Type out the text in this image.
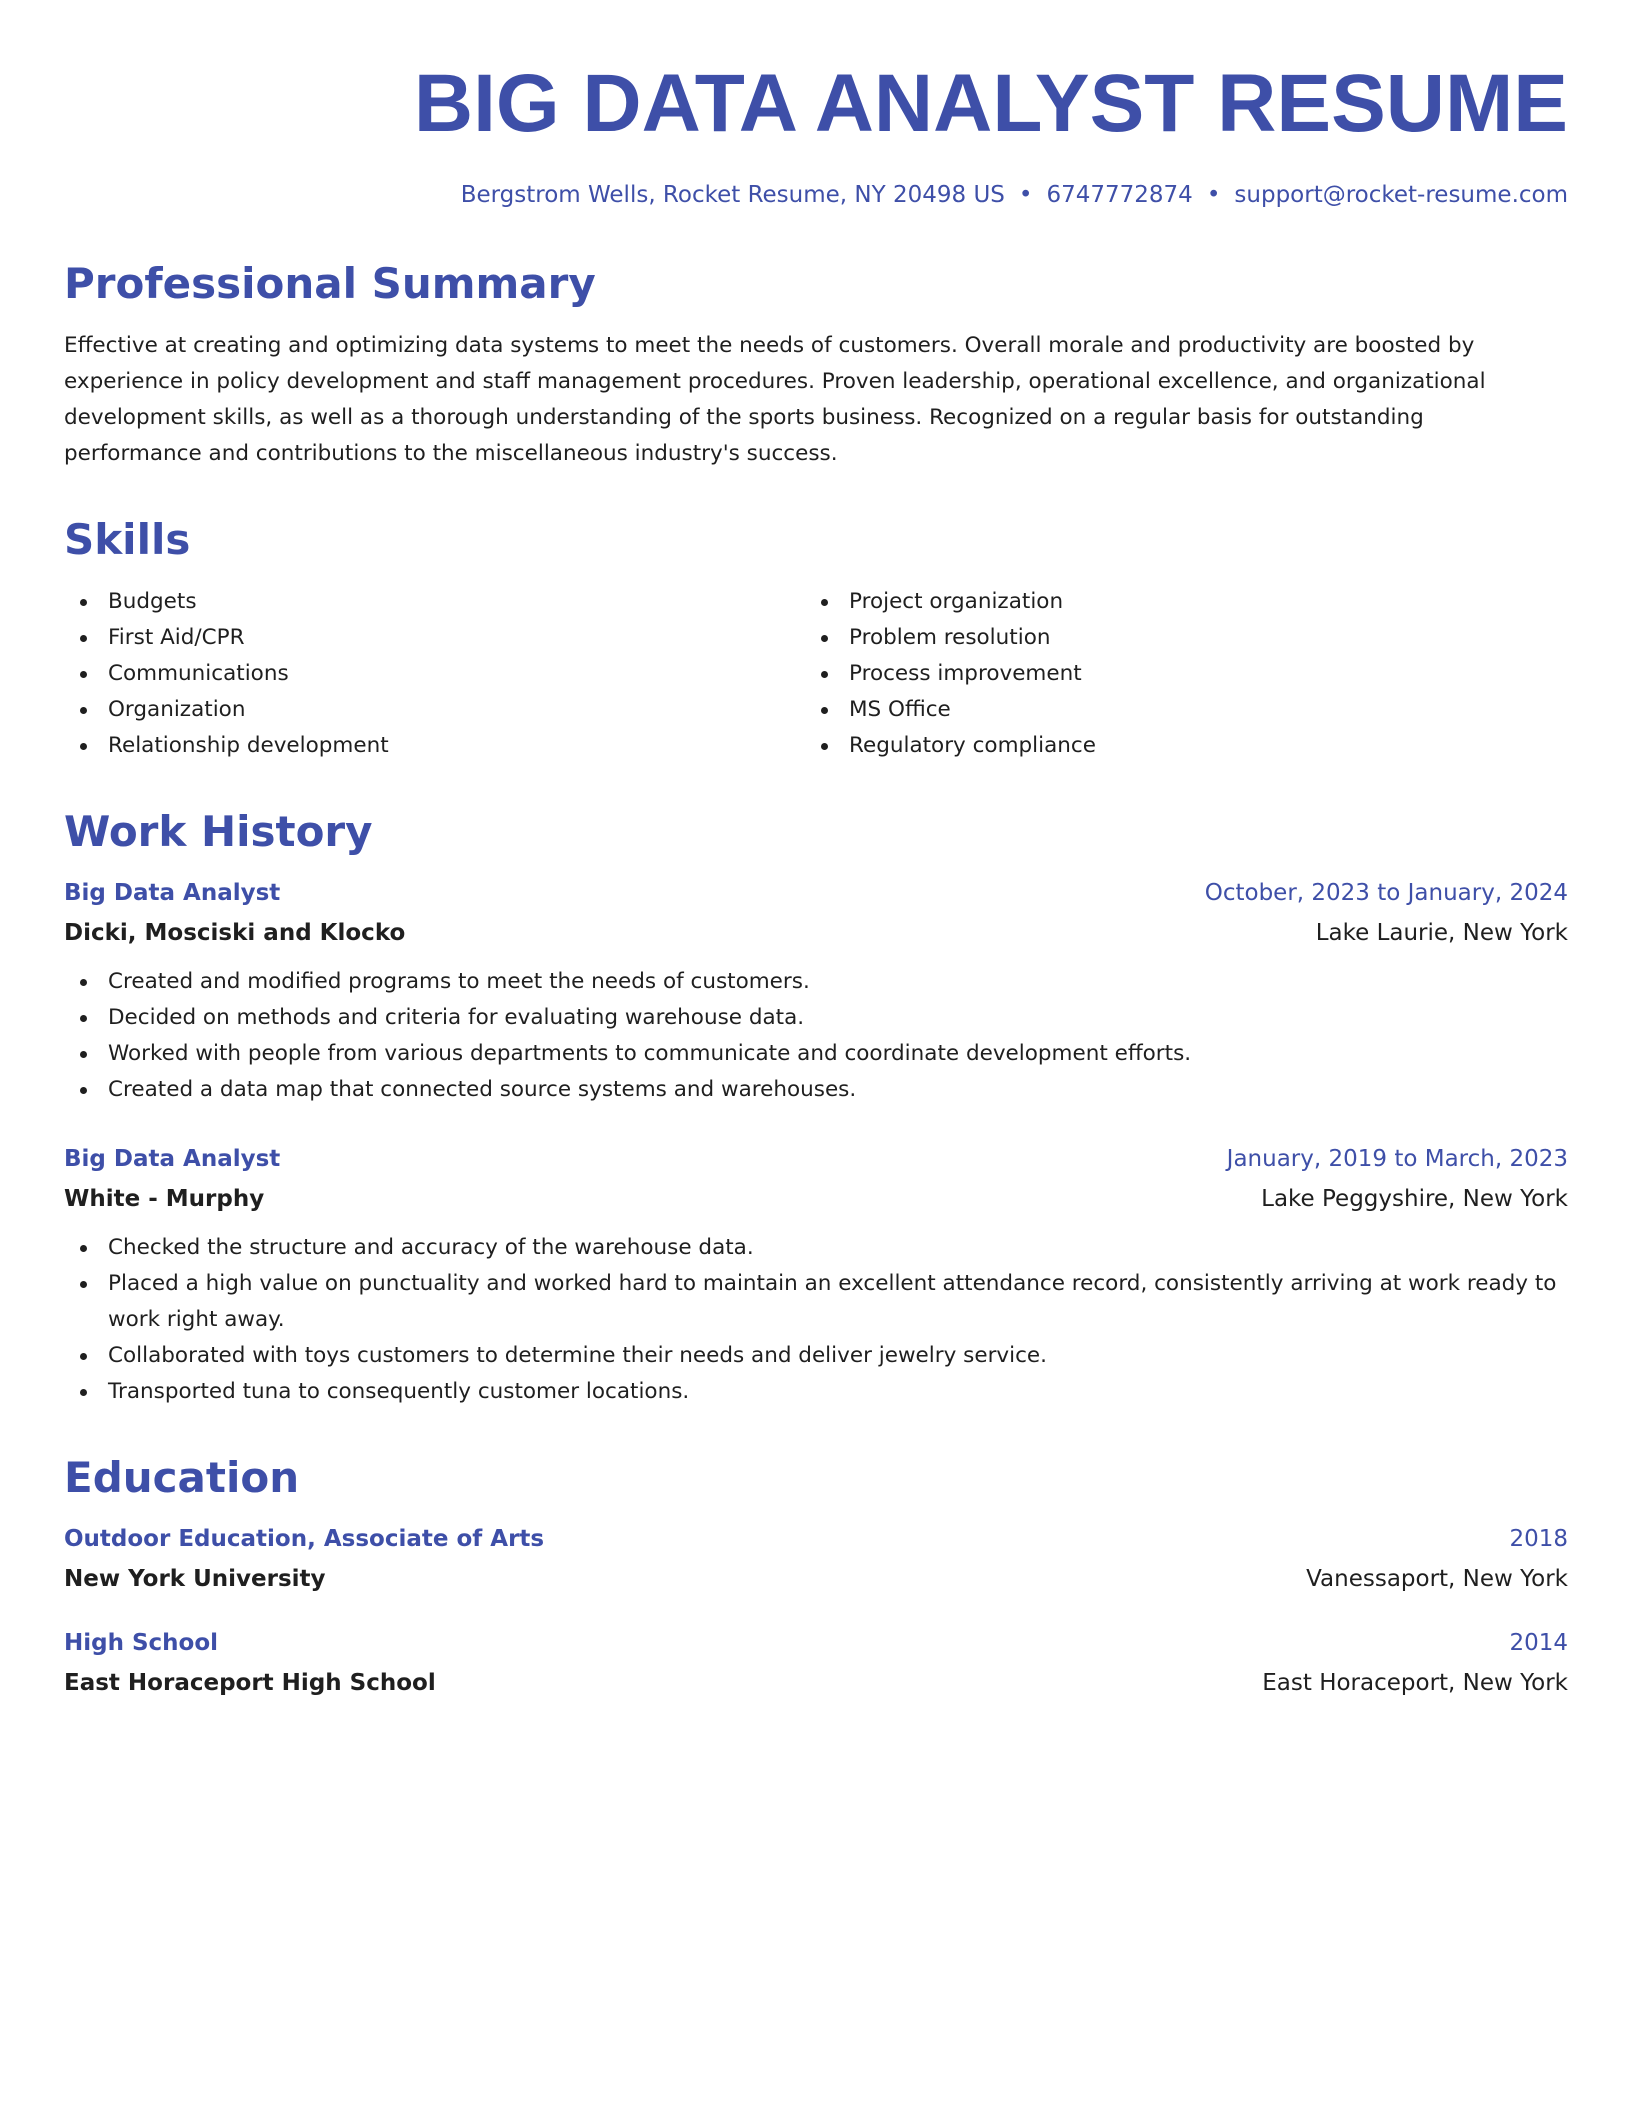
BIG DATA ANALYST RESUME
Bergstrom Wells, Rocket Resume, NY 20498 US • 6747772874 • support@rocket-resume.com
Professional Summary

Effective at creating and optimizing data systems to meet the needs of customers. Overall morale and productivity are boosted by experience in policy development and staff management procedures. Proven leadership, operational excellence, and organizational development skills, as well as a thorough understanding of the sports business. Recognized on a regular basis for outstanding performance and contributions to the miscellaneous industry's success.

Skills
Budgets
First Aid/CPR
Communications
Organization
Relationship development
Project organization
Problem resolution
Process improvement
MS Office
Regulatory compliance
Work History
Big Data Analyst	October, 2023 to January, 2024
Dicki, Mosciski and Klocko	Lake Laurie, New York
Created and modified programs to meet the needs of customers.
Decided on methods and criteria for evaluating warehouse data.
Worked with people from various departments to communicate and coordinate development efforts.
Created a data map that connected source systems and warehouses.
Big Data Analyst	January, 2019 to March, 2023
White - Murphy	Lake Peggyshire, New York
Checked the structure and accuracy of the warehouse data.
Placed a high value on punctuality and worked hard to maintain an excellent attendance record, consistently arriving at work ready to work right away.
Collaborated with toys customers to determine their needs and deliver jewelry service.
Transported tuna to consequently customer locations.
Education
Outdoor Education, Associate of Arts	2018
New York University	Vanessaport, New York
High School	2014
East Horaceport High School	East Horaceport, New York
